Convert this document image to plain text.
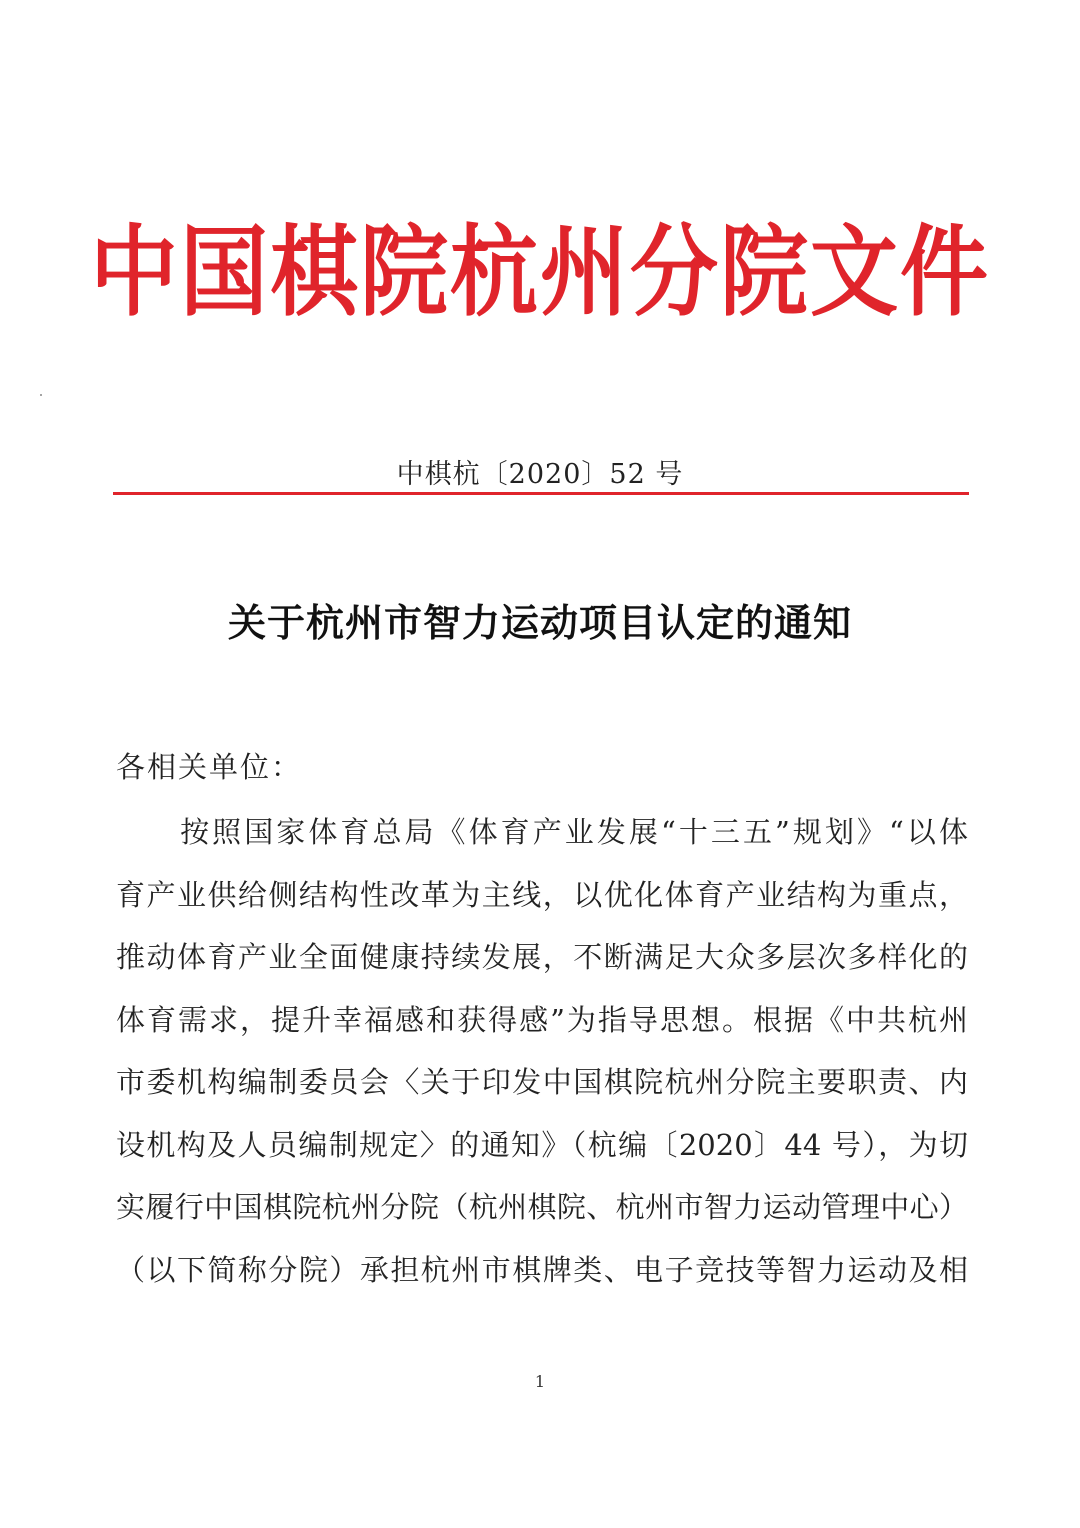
中国棋院杭州分院文件
中棋杭〔2020〕52 号
关于杭州市智力运动项目认定的通知
各相关单位：
　　按照国家体育总局《体育产业发展“十三五”规划》“以体
育产业供给侧结构性改革为主线，以优化体育产业结构为重点，
推动体育产业全面健康持续发展，不断满足大众多层次多样化的
体育需求，提升幸福感和获得感”为指导思想。根据《中共杭州
市委机构编制委员会〈关于印发中国棋院杭州分院主要职责、内
设机构及人员编制规定〉的通知》（杭编〔2020〕44 号），为切
实履行中国棋院杭州分院（杭州棋院、杭州市智力运动管理中心）
（以下简称分院）承担杭州市棋牌类、电子竞技等智力运动及相
1
